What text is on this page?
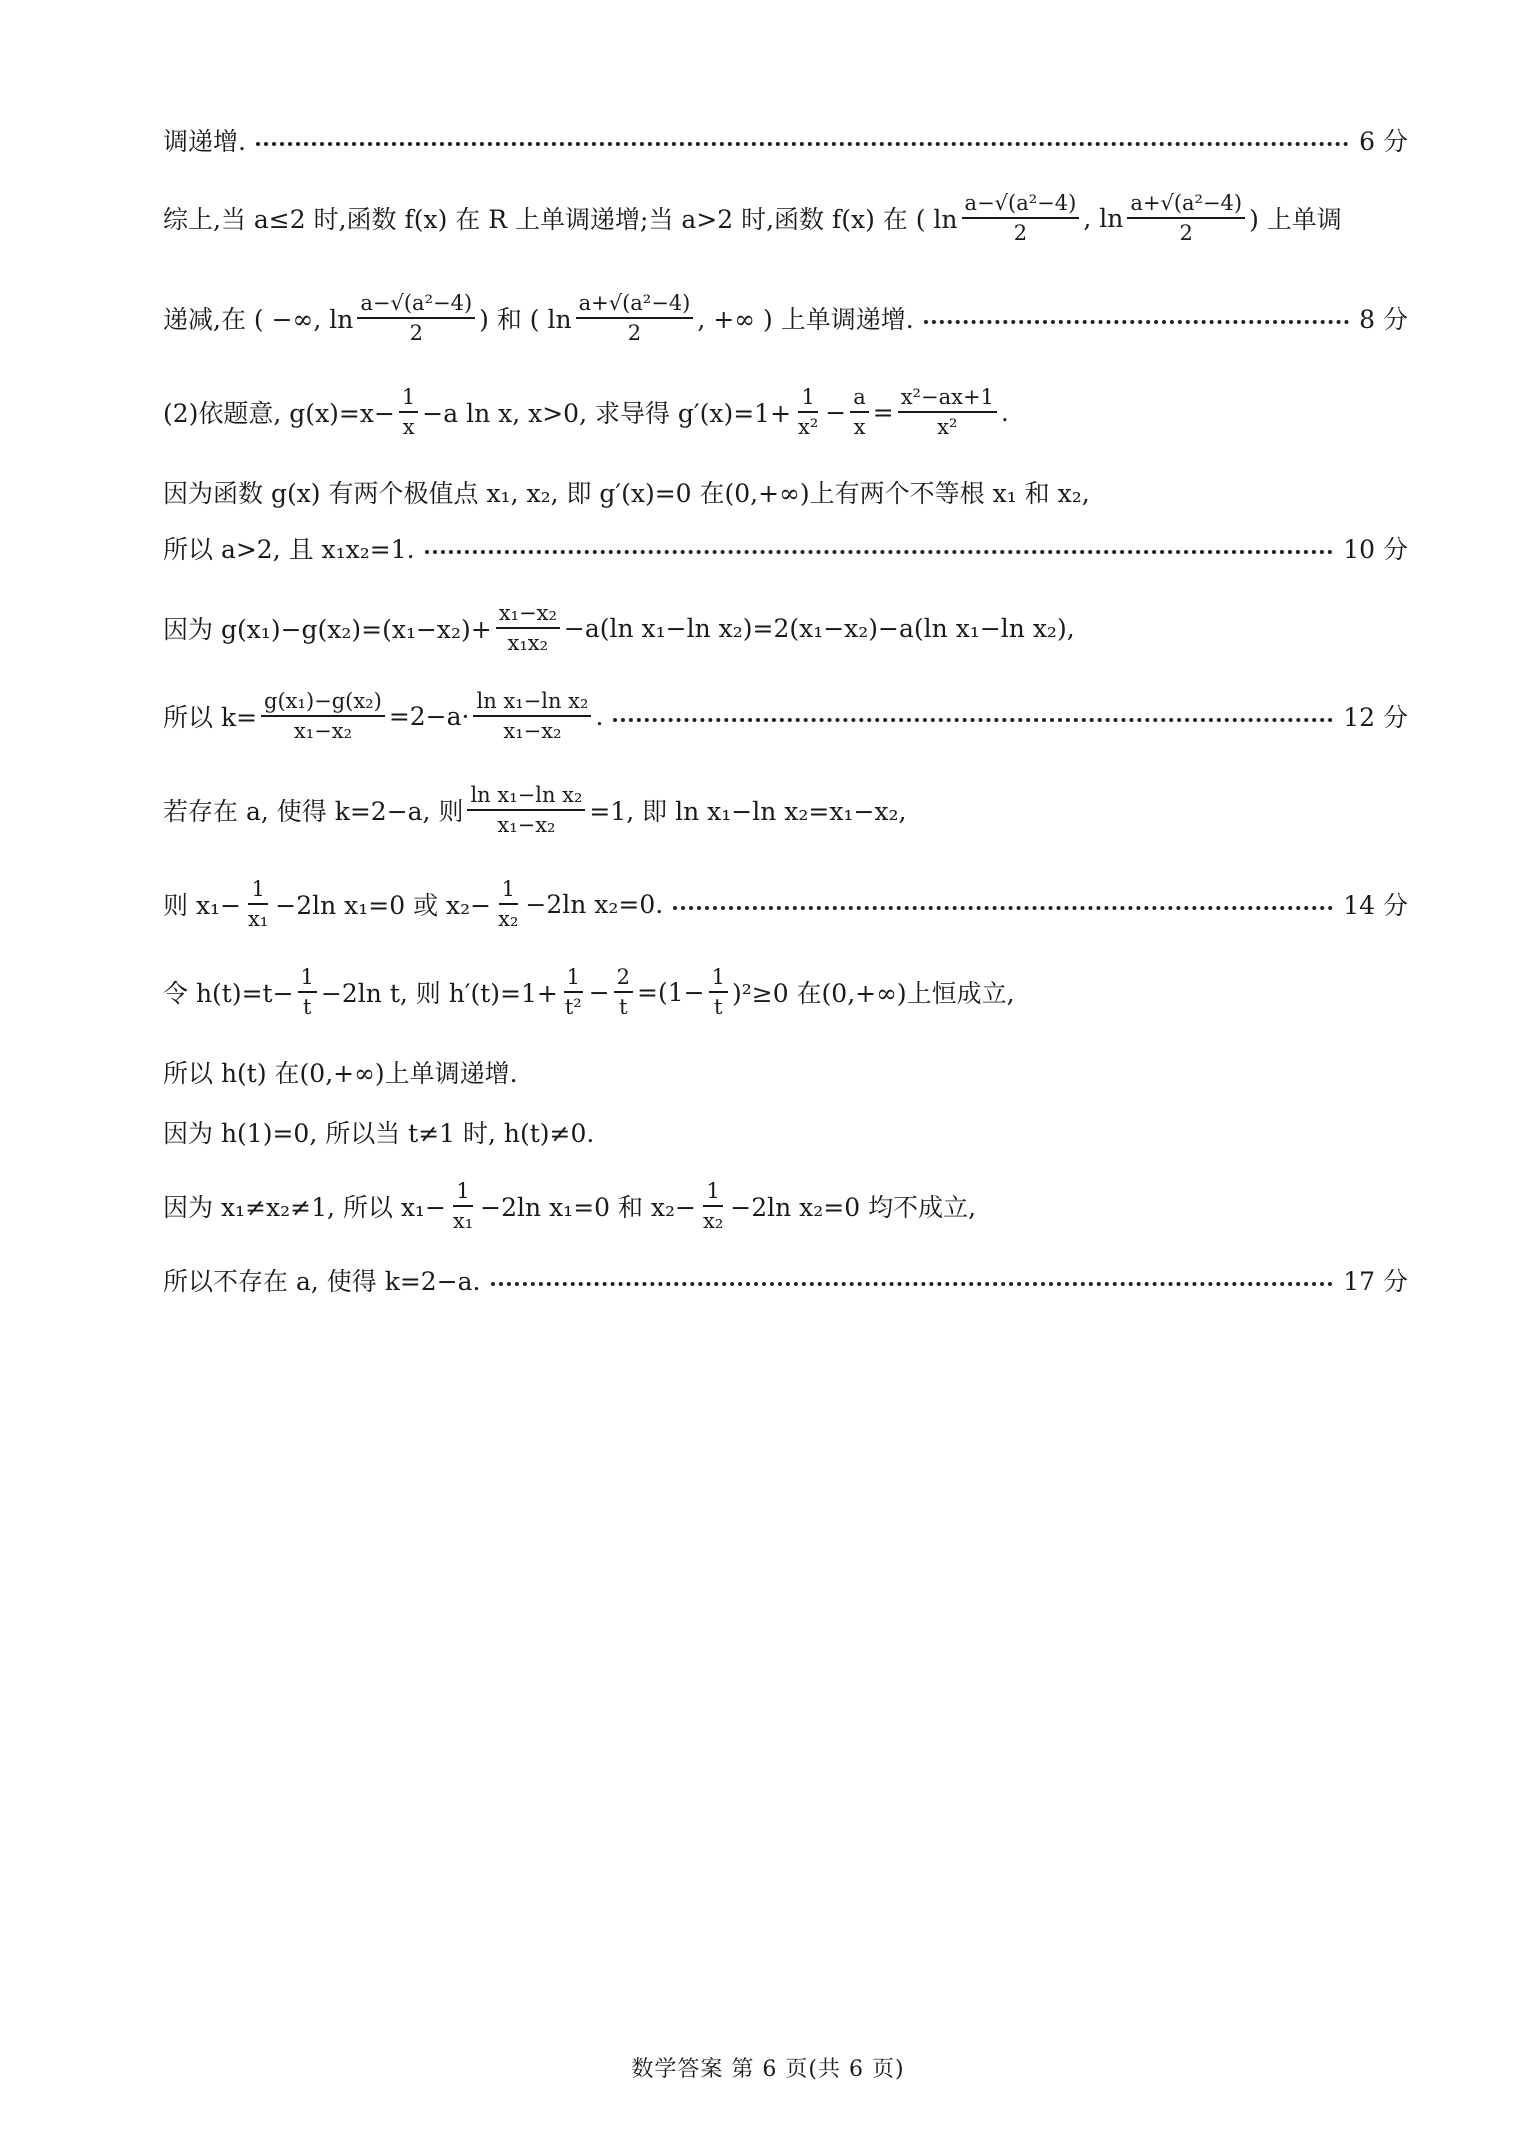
调递增.	6 分
综上,当 a≤2 时,函数 f(x) 在 R 上单调递增;当 a>2 时,函数 f(x) 在 ( $\ln \frac{\text{a−√(a²−4)}}{2}$ , $\ln \frac{\text{a+√(a²−4)}}{2}$ ) 上单调
递减,在 ( −∞, $\ln \frac{\text{a−√(a²−4)}}{2}$ ) 和 ( $\ln \frac{\text{a+√(a²−4)}}{2}$ , +∞ ) 上单调递增.	8 分
(2)依题意, $g(x)=x- \frac{1}{x} -a$ ln x, x>0, 求导得 $g'(x)=1+ \frac{1}{\text{x²}} - \frac{a}{x} = \frac{\text{x²−ax+1}}{\text{x²}}$ .
因为函数 g(x) 有两个极值点 x₁, x₂, 即 g′(x)=0 在(0,+∞)上有两个不等根 x₁ 和 x₂,
所以 a>2, 且 x₁x₂=1.	10 分
因为 $g(x_1)-g(x_2)=(x_1-x_2)+ \frac{\text{x₁−x₂}}{\text{x₁x₂}} -a(\ln$ x₁−ln x₂)=2(x₁−x₂)−a(ln x₁−ln x₂),
所以 $k= \frac{\text{g(x₁)−g(x₂)}}{\text{x₁−x₂}} =2-a\cdot \frac{\text{ln x₁−ln x₂}}{\text{x₁−x₂}}$ .	12 分
若存在 a, 使得 k=2−a, 则 $\frac{\text{ln x₁−ln x₂}}{\text{x₁−x₂}} =1$, 即 ln x₁−ln x₂=x₁−x₂,
则 $x_1- \frac{1}{\text{x₁}} -2\ln$ x₁=0 或 $x_2- \frac{1}{\text{x₂}} -2\ln$ x₂=0.	14 分
令 $h(t)=t- \frac{1}{t} -2\ln$ t, 则 $h'(t)=1+ \frac{1}{\text{t²}} - \frac{2}{t} =(1- \frac{1}{t} )^2\ge 0$ 在(0,+∞)上恒成立,
所以 h(t) 在(0,+∞)上单调递增.
因为 h(1)=0, 所以当 t≠1 时, h(t)≠0.
因为 x₁≠x₂≠1, 所以 $x_1- \frac{1}{\text{x₁}} -2\ln$ x₁=0 和 $x_2- \frac{1}{\text{x₂}} -2\ln$ x₂=0 均不成立,
所以不存在 a, 使得 k=2−a.	17 分
数学答案 第 6 页(共 6 页)
